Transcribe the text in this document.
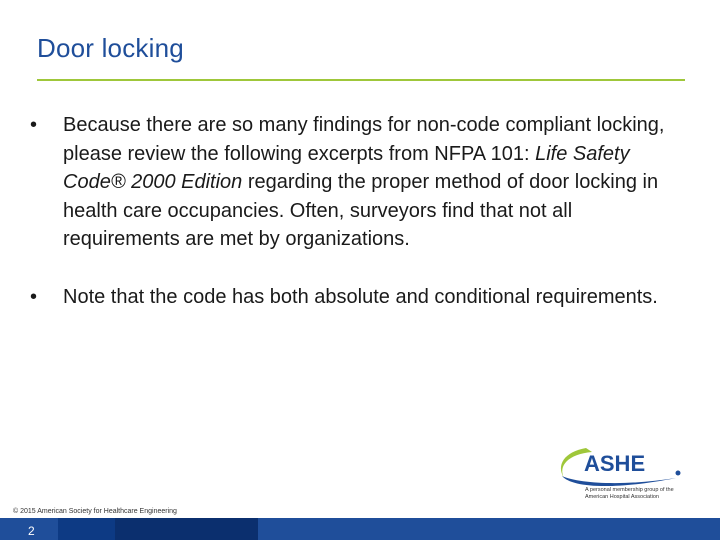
Door locking

•	Because there are so many findings for non-code compliant locking, please review the following excerpts from NFPA 101: Life Safety Code® 2000 Edition regarding the proper method of door locking in health care occupancies. Often, surveyors find that not all requirements are met by organizations.

•	Note that the code has both absolute and conditional requirements.

ASHE
A personal membership group of the American Hospital Association
© 2015 American Society for Healthcare Engineering
2
